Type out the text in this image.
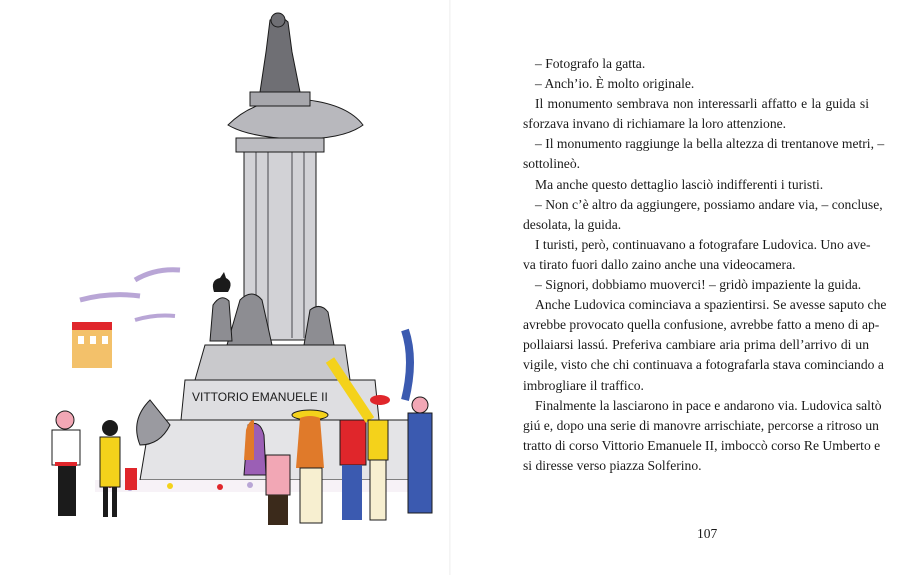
VITTORIO EMANUELE II
– Fotografo la gatta.
– Anch’io. È molto originale.
Il monumento sembrava non interessarli affatto e la guida si
sforzava invano di richiamare la loro attenzione.
– Il monumento raggiunge la bella altezza di trentanove metri, –
sottolineò.
Ma anche questo dettaglio lasciò indifferenti i turisti.
– Non c’è altro da aggiungere, possiamo andare via, – concluse,
desolata, la guida.
I turisti, però, continuavano a fotografare Ludovica. Uno ave-
va tirato fuori dallo zaino anche una videocamera.
– Signori, dobbiamo muoverci! – gridò impaziente la guida.
Anche Ludovica cominciava a spazientirsi. Se avesse saputo che
avrebbe provocato quella confusione, avrebbe fatto a meno di ap-
pollaiarsi lassú. Preferiva cambiare aria prima dell’arrivo di un
vigile, visto che chi continuava a fotografarla stava cominciando a
imbrogliare il traffico.
Finalmente la lasciarono in pace e andarono via. Ludovica saltò
giú e, dopo una serie di manovre arrischiate, percorse a ritroso un
tratto di corso Vittorio Emanuele II, imboccò corso Re Umberto e
si diresse verso piazza Solferino.
107
